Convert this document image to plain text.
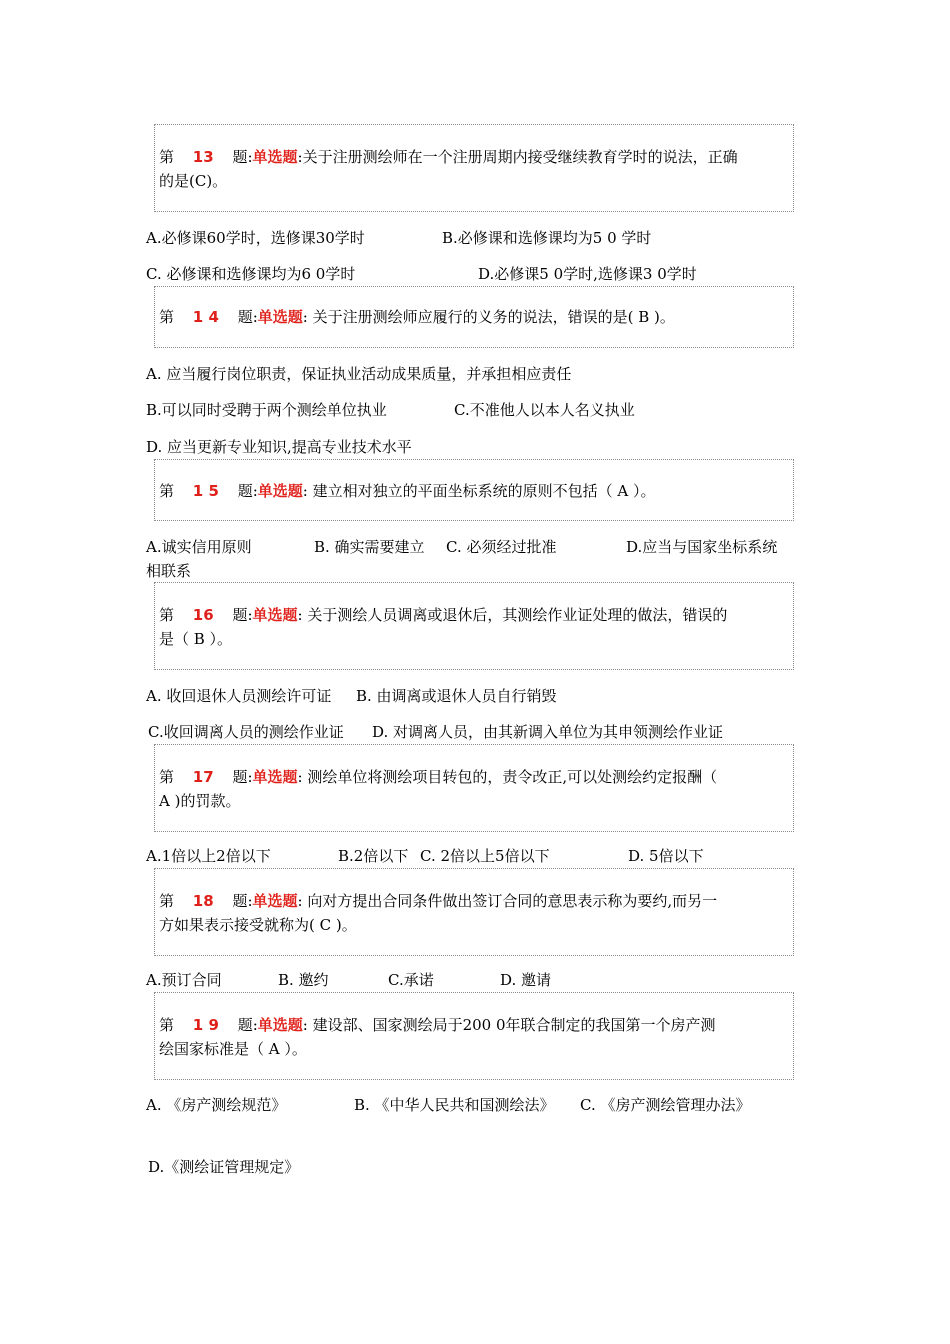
第 13 题:单选题:关于注册测绘师在一个注册周期内接受继续教育学时的说法，正确
的是(C)。
A.必修课60学时，选修课30学时	B.必修课和选修课均为5 0 学时
C. 必修课和选修课均为6 0学时	D.必修课5 0学时,选修课3 0学时
第 1 4 题:单选题: 关于注册测绘师应履行的义务的说法，错误的是( B )。
A. 应当履行岗位职责，保证执业活动成果质量，并承担相应责任
B.可以同时受聘于两个测绘单位执业	C.不准他人以本人名义执业
D. 应当更新专业知识,提高专业技术水平
第 1 5 题:单选题: 建立相对独立的平面坐标系统的原则不包括（ A ）。
A.诚实信用原则	B. 确实需要建立 C. 必须经过批准	D.应当与国家坐标系统
相联系
第 16 题:单选题: 关于测绘人员调离或退休后，其测绘作业证处理的做法，错误的
是（ B ）。
A. 收回退休人员测绘许可证 B. 由调离或退休人员自行销毁
C.收回调离人员的测绘作业证 D. 对调离人员，由其新调入单位为其申领测绘作业证
第 17 题:单选题: 测绘单位将测绘项目转包的，责令改正,可以处测绘约定报酬（
A )的罚款。
A.1倍以上2倍以下	B.2倍以下 C. 2倍以上5倍以下	D. 5倍以下
第 18 题:单选题: 向对方提出合同条件做出签订合同的意思表示称为要约,而另一
方如果表示接受就称为( C )。
A.预订合同	B. 邀约	C.承诺	D. 邀请
第 1 9 题:单选题: 建设部、国家测绘局于200 0年联合制定的我国第一个房产测
绘国家标准是（ A ）。
A. 《房产测绘规范》	B. 《中华人民共和国测绘法》 C. 《房产测绘管理办法》
D.《测绘证管理规定》
